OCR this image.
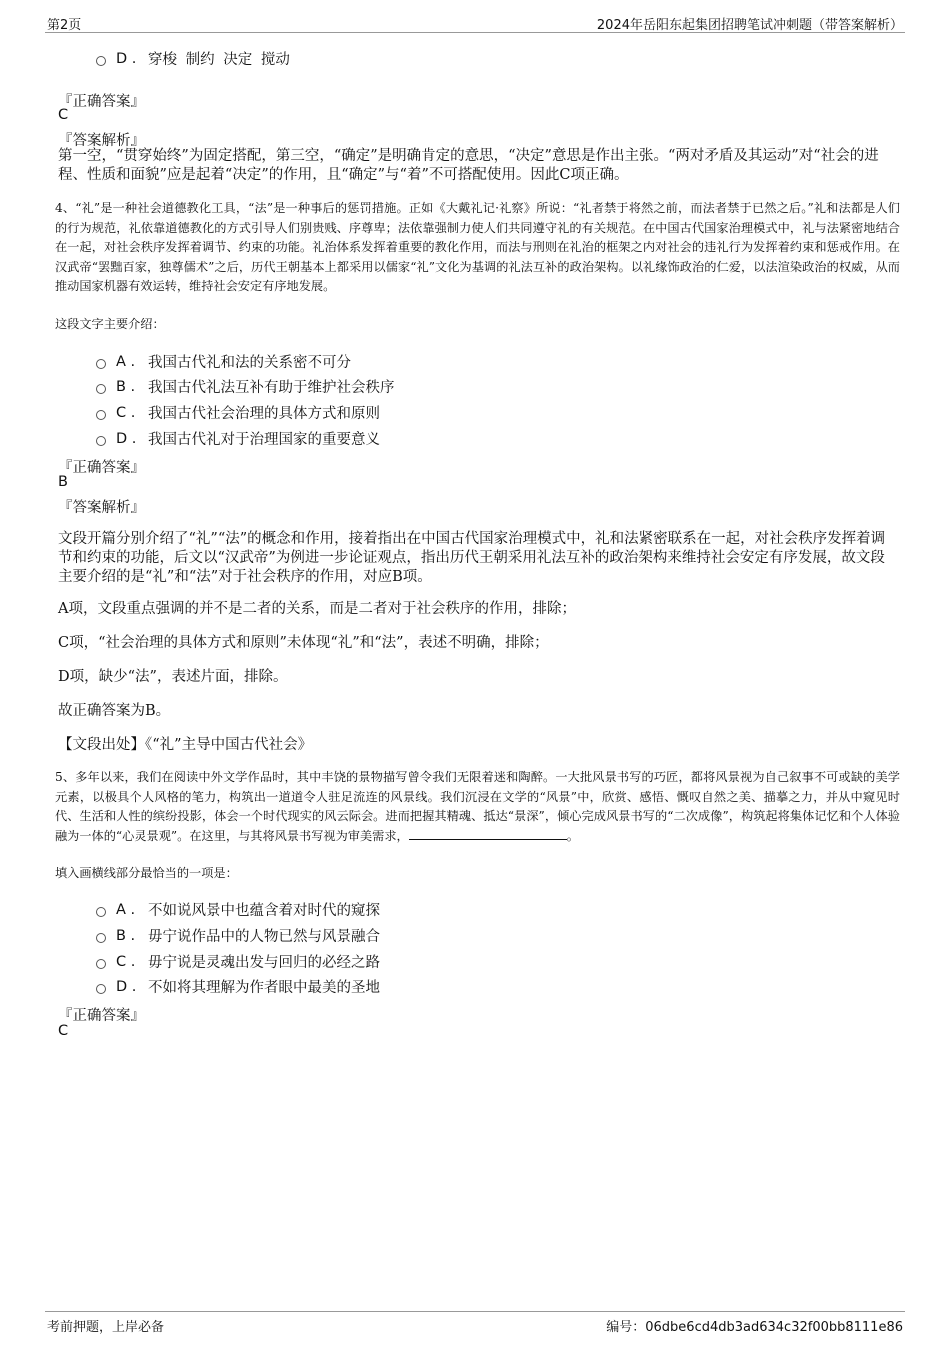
第2页	2024年岳阳东起集团招聘笔试冲刺题（带答案解析）
D . 穿梭 制约 决定 搅动
『正确答案』
C
『答案解析』
第一空，“贯穿始终”为固定搭配，第三空，“确定”是明确肯定的意思，“决定”意思是作出主张。“两对矛盾及其运动”对“社会的进程、性质和面貌”应是起着“决定”的作用，且“确定”与“着”不可搭配使用。因此C项正确。
4、“礼”是一种社会道德教化工具，“法”是一种事后的惩罚措施。正如《大戴礼记·礼察》所说：“礼者禁于将然之前，而法者禁于已然之后。”礼和法都是人们的行为规范，礼依靠道德教化的方式引导人们别贵贱、序尊卑；法依靠强制力使人们共同遵守礼的有关规范。在中国古代国家治理模式中，礼与法紧密地结合在一起，对社会秩序发挥着调节、约束的功能。礼治体系发挥着重要的教化作用，而法与刑则在礼治的框架之内对社会的违礼行为发挥着约束和惩戒作用。在汉武帝“罢黜百家，独尊儒术”之后，历代王朝基本上都采用以儒家“礼”文化为基调的礼法互补的政治架构。以礼缘饰政治的仁爱，以法渲染政治的权威，从而推动国家机器有效运转，维持社会安定有序地发展。
这段文字主要介绍：
A . 我国古代礼和法的关系密不可分
B . 我国古代礼法互补有助于维护社会秩序
C . 我国古代社会治理的具体方式和原则
D . 我国古代礼对于治理国家的重要意义
『正确答案』
B
『答案解析』
文段开篇分别介绍了“礼”“法”的概念和作用，接着指出在中国古代国家治理模式中，礼和法紧密联系在一起，对社会秩序发挥着调节和约束的功能，后文以“汉武帝”为例进一步论证观点，指出历代王朝采用礼法互补的政治架构来维持社会安定有序发展，故文段主要介绍的是“礼”和“法”对于社会秩序的作用，对应B项。
A项，文段重点强调的并不是二者的关系，而是二者对于社会秩序的作用，排除；
C项，“社会治理的具体方式和原则”未体现“礼”和“法”，表述不明确，排除；
D项，缺少“法”，表述片面，排除。
故正确答案为B。
【文段出处】《“礼”主导中国古代社会》
5、多年以来，我们在阅读中外文学作品时，其中丰饶的景物描写曾令我们无限着迷和陶醉。一大批风景书写的巧匠，都将风景视为自己叙事不可或缺的美学元素，以极具个人风格的笔力，构筑出一道道令人驻足流连的风景线。我们沉浸在文学的“风景”中，欣赏、感悟、慨叹自然之美、描摹之力，并从中窥见时代、生活和人性的缤纷投影，体会一个时代现实的风云际会。进而把握其精魂、抵达“景深”，倾心完成风景书写的“二次成像”，构筑起将集体记忆和个人体验融为一体的“心灵景观”。在这里，与其将风景书写视为审美需求，	。
填入画横线部分最恰当的一项是：
A . 不如说风景中也蕴含着对时代的窥探
B . 毋宁说作品中的人物已然与风景融合
C . 毋宁说是灵魂出发与回归的必经之路
D . 不如将其理解为作者眼中最美的圣地
『正确答案』
C
考前押题，上岸必备	编号：06dbe6cd4db3ad634c32f00bb8111e86
